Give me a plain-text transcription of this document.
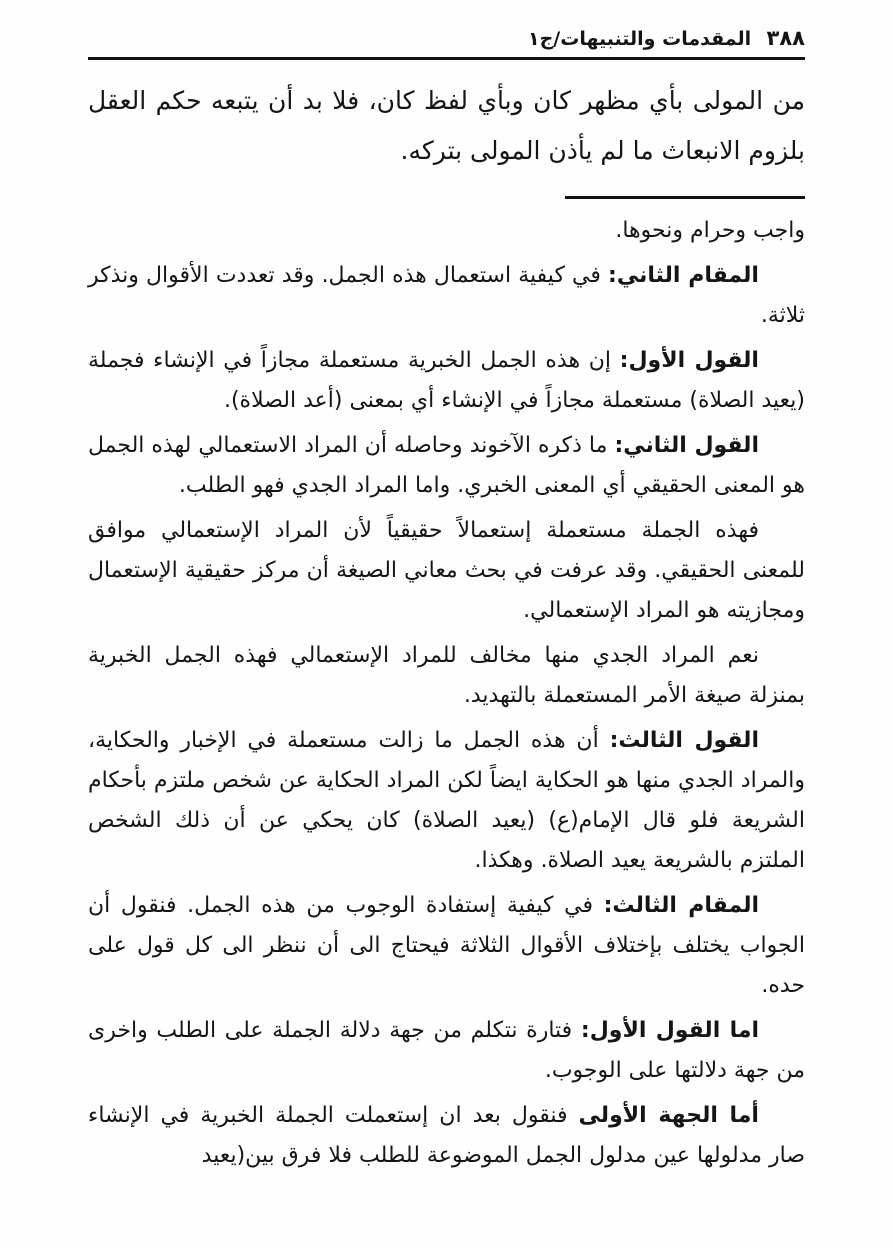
٣٨٨
المقدمات والتنبيهات/ج١

من المولى بأي مظهر كان وبأي لفظ كان، فلا بد أن يتبعه حكم العقل بلزوم الانبعاث ما لم يأذن المولى بتركه.

واجب وحرام ونحوها.

المقام الثاني: في كيفية استعمال هذه الجمل. وقد تعددت الأقوال ونذكر ثلاثة.

القول الأول: إن هذه الجمل الخبرية مستعملة مجازاً في الإنشاء فجملة (يعيد الصلاة) مستعملة مجازاً في الإنشاء أي بمعنى (أعد الصلاة).

القول الثاني: ما ذكره الآخوند وحاصله أن المراد الاستعمالي لهذه الجمل هو المعنى الحقيقي أي المعنى الخبري. واما المراد الجدي فهو الطلب.

فهذه الجملة مستعملة إستعمالاً حقيقياً لأن المراد الإستعمالي موافق للمعنى الحقيقي. وقد عرفت في بحث معاني الصيغة أن مركز حقيقية الإستعمال ومجازيته هو المراد الإستعمالي.

نعم المراد الجدي منها مخالف للمراد الإستعمالي فهذه الجمل الخبرية بمنزلة صيغة الأمر المستعملة بالتهديد.

القول الثالث: أن هذه الجمل ما زالت مستعملة في الإخبار والحكاية، والمراد الجدي منها هو الحكاية ايضاً لكن المراد الحكاية عن شخص ملتزم بأحكام الشريعة فلو قال الإمام(ع) (يعيد الصلاة) كان يحكي عن أن ذلك الشخص الملتزم بالشريعة يعيد الصلاة. وهكذا.

المقام الثالث: في كيفية إستفادة الوجوب من هذه الجمل. فنقول أن الجواب يختلف بإختلاف الأقوال الثلاثة فيحتاج الى أن ننظر الى كل قول على حده.

اما القول الأول: فتارة نتكلم من جهة دلالة الجملة على الطلب واخرى من جهة دلالتها على الوجوب.

أما الجهة الأولى فنقول بعد ان إستعملت الجملة الخبرية في الإنشاء صار مدلولها عين مدلول الجمل الموضوعة للطلب فلا فرق بين(يعيد
